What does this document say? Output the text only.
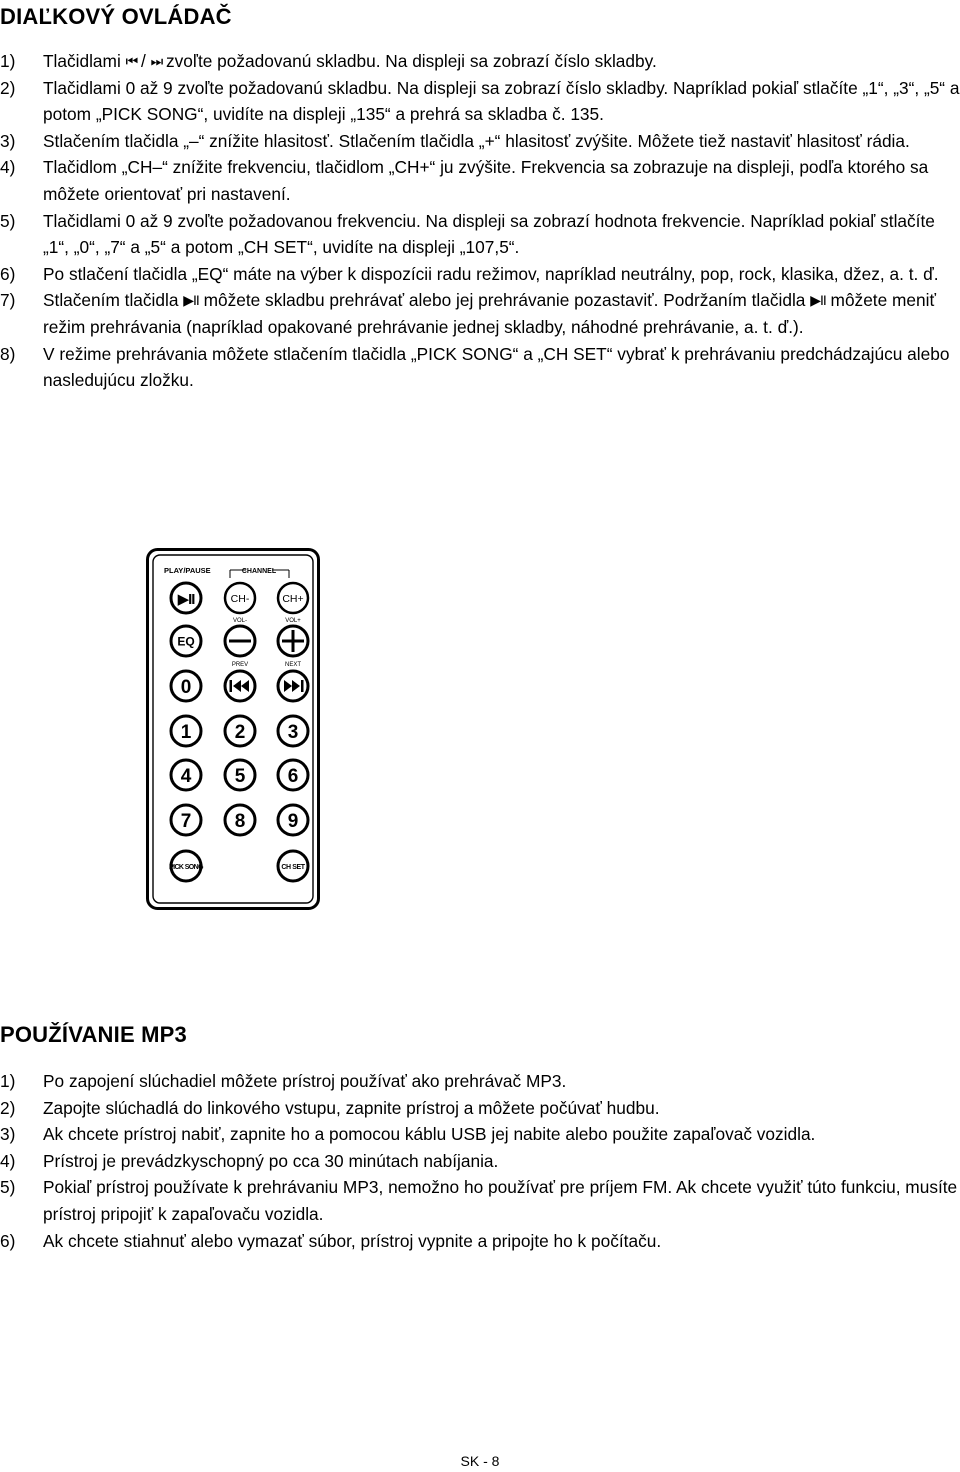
DIAĽKOVÝ OVLÁDAČ
1) Tlačidlami ⏮ / ⏭ zvoľte požadovanú skladbu. Na displeji sa zobrazí číslo skladby.
2) Tlačidlami 0 až 9 zvoľte požadovanú skladbu. Na displeji sa zobrazí číslo skladby. Napríklad pokiaľ stlačíte „1“, „3“, „5“ a potom „PICK SONG“, uvidíte na displeji „135“ a prehrá sa skladba č. 135.
3) Stlačením tlačidla „–“ znížite hlasitosť. Stlačením tlačidla „+“ hlasitosť zvýšite. Môžete tiež nastaviť hlasitosť rádia.
4) Tlačidlom „CH–“ znížite frekvenciu, tlačidlom „CH+“ ju zvýšite. Frekvencia sa zobrazuje na displeji, podľa ktorého sa môžete orientovať pri nastavení.
5) Tlačidlami 0 až 9 zvoľte požadovanou frekvenciu. Na displeji sa zobrazí hodnota frekvencie. Napríklad pokiaľ stlačíte „1“, „0“, „7“ a „5“ a potom „CH SET“, uvidíte na displeji „107,5“.
6) Po stlačení tlačidla „EQ“ máte na výber k dispozícii radu režimov, napríklad neutrálny, pop, rock, klasika, džez, a. t. ď.
7) Stlačením tlačidla ▶II môžete skladbu prehrávať alebo jej prehrávanie pozastaviť. Podržaním tlačidla ▶II môžete meniť režim prehrávania (napríklad opakované prehrávanie jednej skladby, náhodné prehrávanie, a. t. ď.).
8) V režime prehrávania môžete stlačením tlačidla „PICK SONG“ a „CH SET“ vybrať k prehrávaniu predchádzajúcu alebo nasledujúcu zložku.
PLAY/PAUSE	CHANNEL
▶II	CH-	CH+
VOL-	VOL+
EQ
PREV	NEXT
0
1 2 3
4 5 6
7 8 9
PICK SONG	CH SET
POUŽÍVANIE MP3
1) Po zapojení slúchadiel môžete prístroj používať ako prehrávač MP3.
2) Zapojte slúchadlá do linkového vstupu, zapnite prístroj a môžete počúvať hudbu.
3) Ak chcete prístroj nabiť, zapnite ho a pomocou káblu USB jej nabite alebo použite zapaľovač vozidla.
4) Prístroj je prevádzkyschopný po cca 30 minútach nabíjania.
5) Pokiaľ prístroj používate k prehrávaniu MP3, nemožno ho používať pre príjem FM. Ak chcete využiť túto funkciu, musíte prístroj pripojiť k zapaľovaču vozidla.
6) Ak chcete stiahnuť alebo vymazať súbor, prístroj vypnite a pripojte ho k počítaču.
SK - 8
